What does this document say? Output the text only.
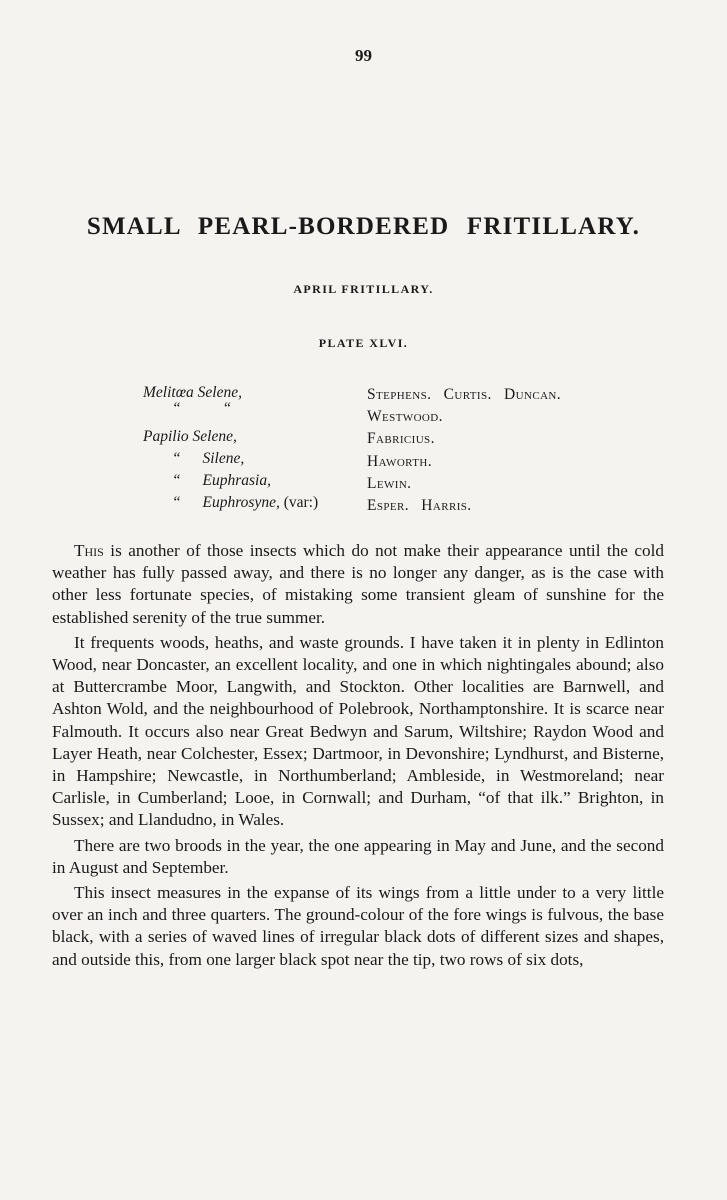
99
SMALL PEARL-BORDERED FRITILLARY.
APRIL FRITILLARY.
PLATE XLVI.
Melitœa Selene,	Stephens. Curtis. Duncan.
“ “	Westwood.
Papilio Selene,	Fabricius.
“ Silene,	Haworth.
“ Euphrasia,	Lewin.
“ Euphrosyne, (var:)	Esper. Harris.

This is another of those insects which do not make their appearance until the cold weather has fully passed away, and there is no longer any danger, as is the case with other less fortunate species, of mistaking some transient gleam of sunshine for the established serenity of the true summer.

It frequents woods, heaths, and waste grounds. I have taken it in plenty in Edlinton Wood, near Doncaster, an excellent locality, and one in which nightingales abound; also at Buttercrambe Moor, Langwith, and Stockton. Other localities are Barnwell, and Ashton Wold, and the neighbourhood of Polebrook, Northamptonshire. It is scarce near Falmouth. It occurs also near Great Bedwyn and Sarum, Wiltshire; Raydon Wood and Layer Heath, near Colchester, Essex; Dartmoor, in Devonshire; Lyndhurst, and Bisterne, in Hampshire; Newcastle, in Northumberland; Ambleside, in Westmoreland; near Carlisle, in Cumberland; Looe, in Cornwall; and Durham, “of that ilk.” Brighton, in Sussex; and Llandudno, in Wales.

There are two broods in the year, the one appearing in May and June, and the second in August and September.

This insect measures in the expanse of its wings from a little under to a very little over an inch and three quarters. The ground-colour of the fore wings is fulvous, the base black, with a series of waved lines of irregular black dots of different sizes and shapes, and outside this, from one larger black spot near the tip, two rows of six dots,
